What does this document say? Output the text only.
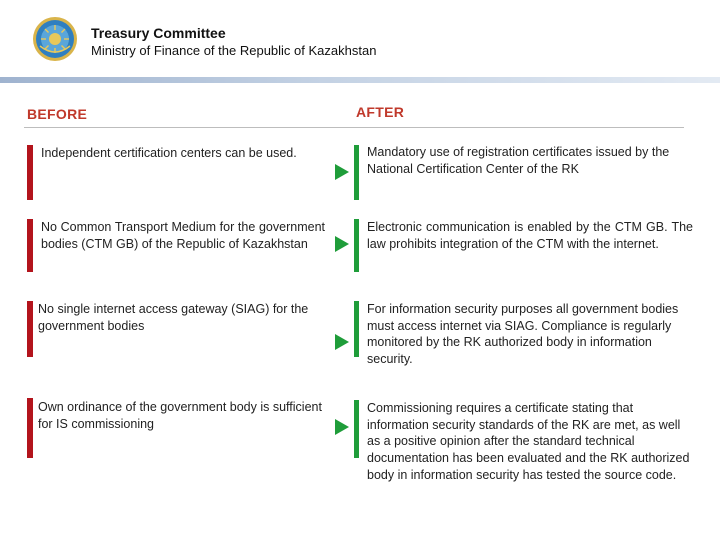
Treasury Committee
Ministry of Finance of the Republic of Kazakhstan
BEFORE	AFTER
Independent certification centers can be used.	Mandatory use of registration certificates issued by the National Certification Center of the RK
No Common Transport Medium for the government bodies (CTM GB) of the Republic of Kazakhstan
Electronic communication is enabled by the CTM GB. The law prohibits integration of the CTM with the internet.
No single internet access gateway (SIAG) for the government bodies
For information security purposes all government bodies must access internet via SIAG. Compliance is regularly monitored by the RK authorized body in information security.
Own ordinance of the government body is sufficient for IS commissioning
Commissioning requires a certificate stating that information security standards of the RK are met, as well as a positive opinion after the standard technical documentation has been evaluated and the RK authorized body in information security has tested the source code.
